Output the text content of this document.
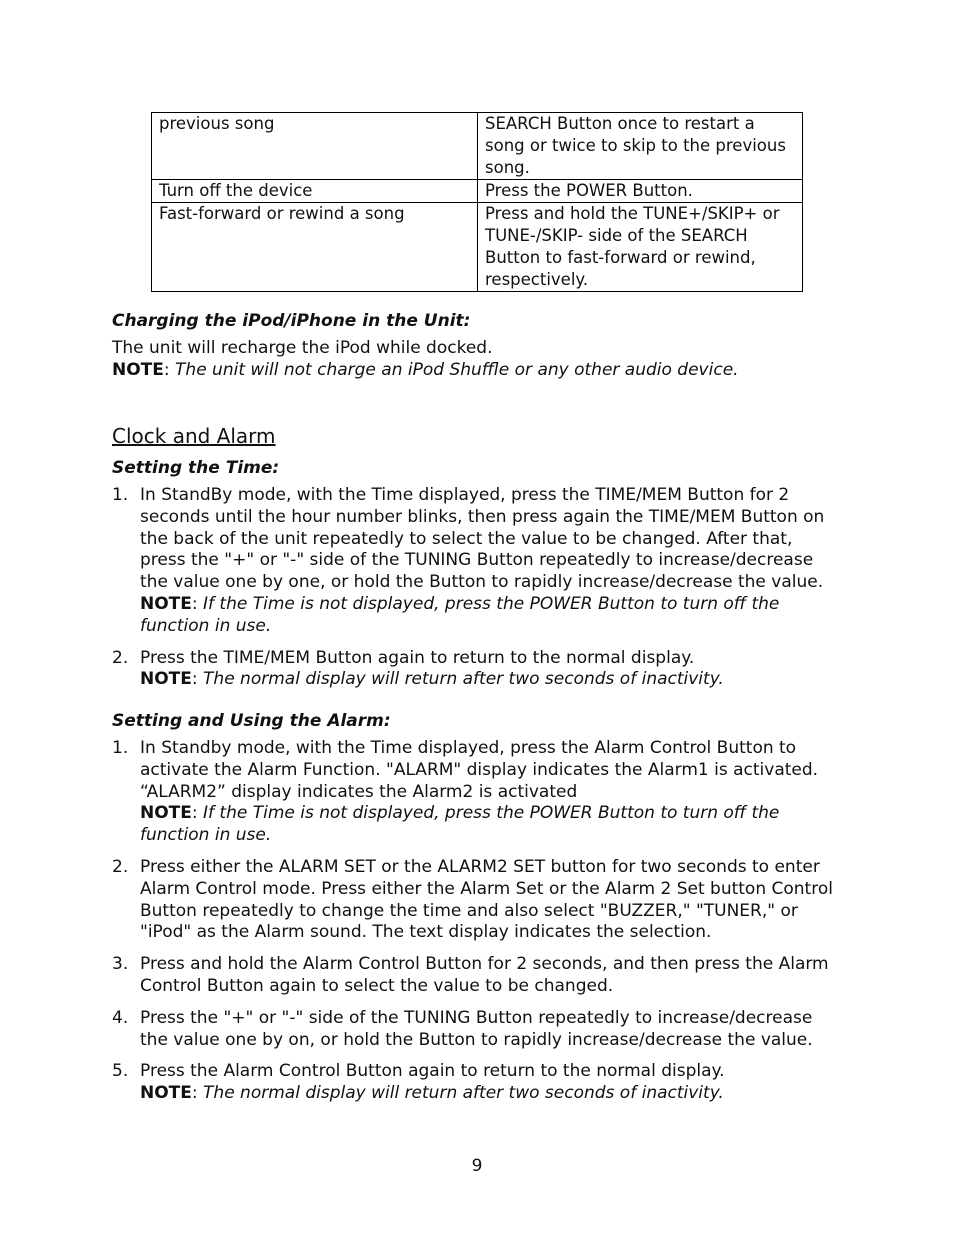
previous song	SEARCH Button once to restart a song or twice to skip to the previous song.
Turn off the device	Press the POWER Button.
Fast-forward or rewind a song	Press and hold the TUNE+/SKIP+ or TUNE-/SKIP- side of the SEARCH Button to fast-forward or rewind, respectively.
Charging the iPod/iPhone in the Unit:
The unit will recharge the iPod while docked.
NOTE: The unit will not charge an iPod Shuffle or any other audio device.
Clock and Alarm
Setting the Time:
1. In StandBy mode, with the Time displayed, press the TIME/MEM Button for 2 seconds until the hour number blinks, then press again the TIME/MEM Button on the back of the unit repeatedly to select the value to be changed. After that, press the "+" or "-" side of the TUNING Button repeatedly to increase/decrease the value one by one, or hold the Button to rapidly increase/decrease the value.
NOTE: If the Time is not displayed, press the POWER Button to turn off the function in use.
2. Press the TIME/MEM Button again to return to the normal display.
NOTE: The normal display will return after two seconds of inactivity.
Setting and Using the Alarm:
1. In Standby mode, with the Time displayed, press the Alarm Control Button to activate the Alarm Function. "ALARM" display indicates the Alarm1 is activated. “ALARM2” display indicates the Alarm2 is activated
NOTE: If the Time is not displayed, press the POWER Button to turn off the function in use.
2. Press either the ALARM SET or the ALARM2 SET button for two seconds to enter Alarm Control mode. Press either the Alarm Set or the Alarm 2 Set button Control Button repeatedly to change the time and also select "BUZZER," "TUNER," or "iPod" as the Alarm sound. The text display indicates the selection.
3. Press and hold the Alarm Control Button for 2 seconds, and then press the Alarm Control Button again to select the value to be changed.
4. Press the "+" or "-" side of the TUNING Button repeatedly to increase/decrease the value one by on, or hold the Button to rapidly increase/decrease the value.
5. Press the Alarm Control Button again to return to the normal display.
NOTE: The normal display will return after two seconds of inactivity.
9
